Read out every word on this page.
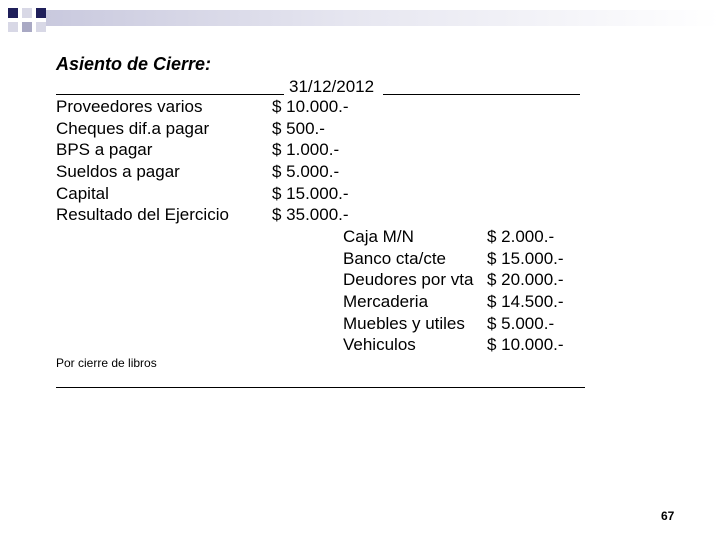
Asiento de Cierre:
31/12/2012
Proveedores varios	$ 10.000.-
Cheques dif.a pagar	$ 500.-
BPS a pagar	$ 1.000.-
Sueldos a pagar	$ 5.000.-
Capital	$ 15.000.-
Resultado del Ejercicio	$ 35.000.-
Caja M/N	$ 2.000.-
Banco cta/cte $ 15.000.-
Deudores por vta $ 20.000.-
Mercaderia	$ 14.500.-
Muebles y utiles $ 5.000.-
Vehiculos	$ 10.000.-
Por cierre de libros
67
